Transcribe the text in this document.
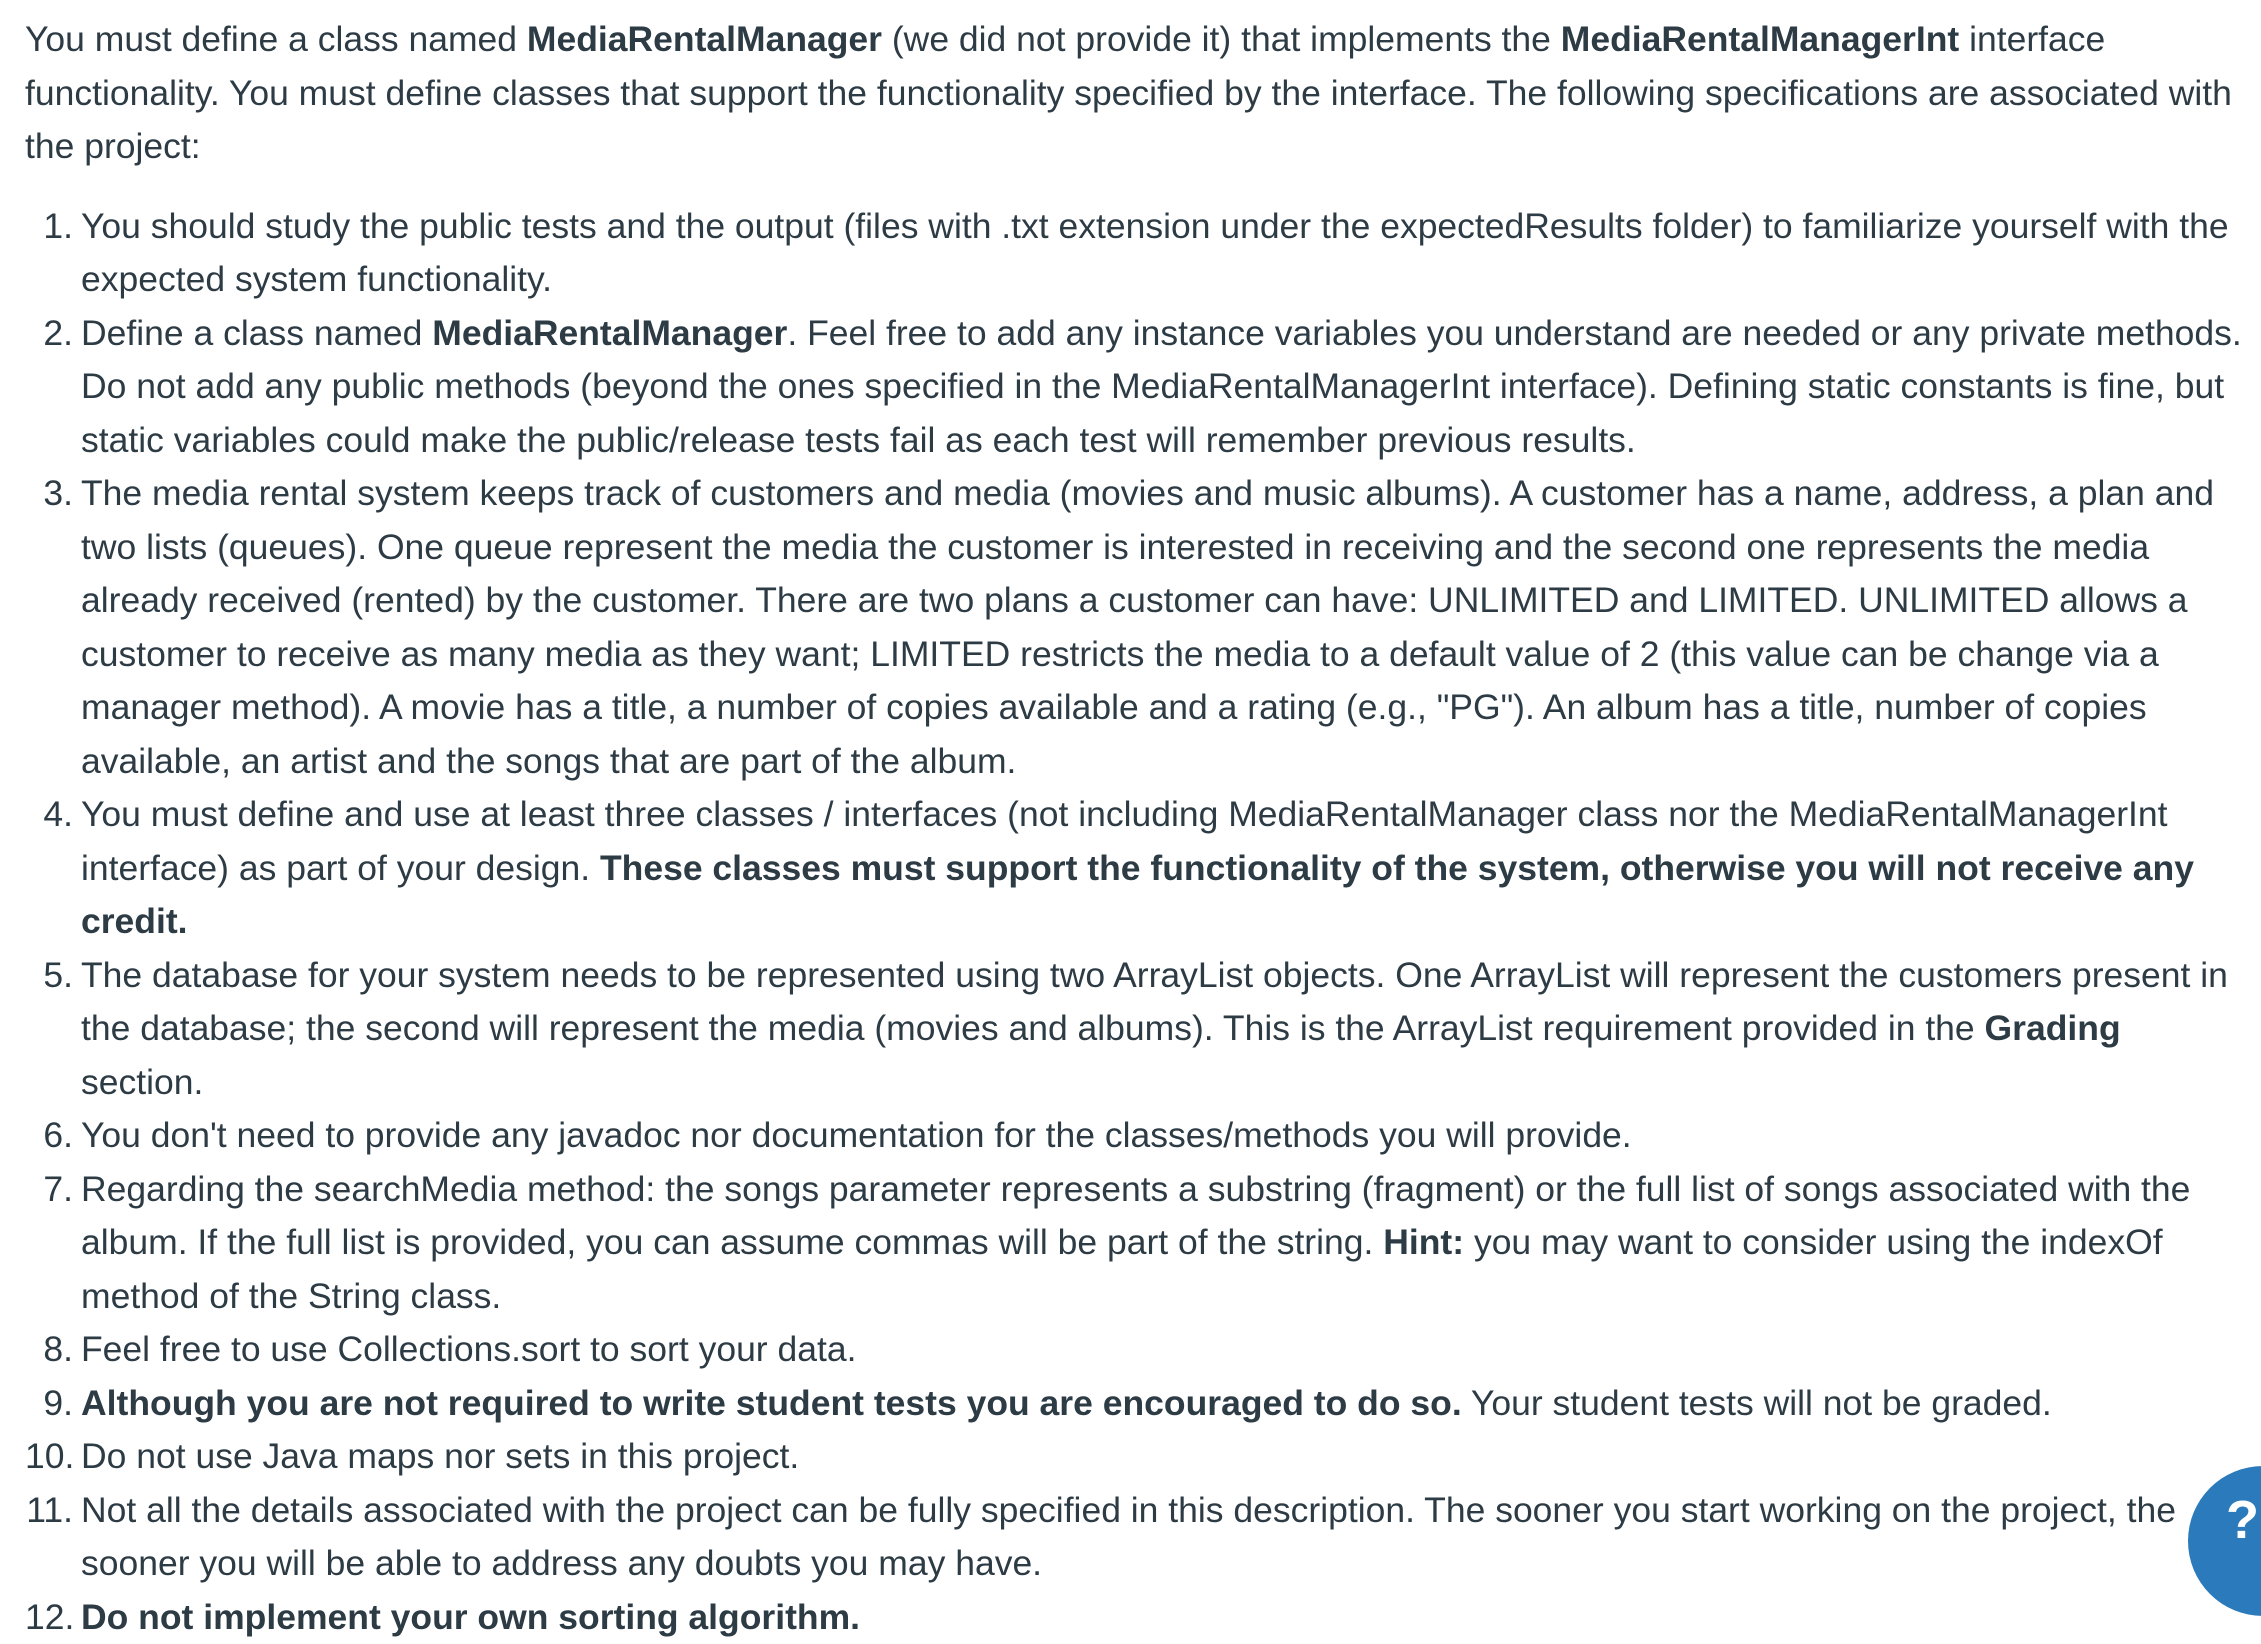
You must define a class named MediaRentalManager (we did not provide it) that implements the MediaRentalManagerInt interface functionality. You must define classes that support the functionality specified by the interface. The following specifications are associated with the project:

1. You should study the public tests and the output (files with .txt extension under the expectedResults folder) to familiarize yourself with the expected system functionality.
2. Define a class named MediaRentalManager. Feel free to add any instance variables you understand are needed or any private methods. Do not add any public methods (beyond the ones specified in the MediaRentalManagerInt interface). Defining static constants is fine, but static variables could make the public/release tests fail as each test will remember previous results.
3. The media rental system keeps track of customers and media (movies and music albums). A customer has a name, address, a plan and two lists (queues). One queue represent the media the customer is interested in receiving and the second one represents the media already received (rented) by the customer. There are two plans a customer can have: UNLIMITED and LIMITED. UNLIMITED allows a customer to receive as many media as they want; LIMITED restricts the media to a default value of 2 (this value can be change via a manager method). A movie has a title, a number of copies available and a rating (e.g., "PG"). An album has a title, number of copies available, an artist and the songs that are part of the album.
4. You must define and use at least three classes / interfaces (not including MediaRentalManager class nor the MediaRentalManagerInt interface) as part of your design. These classes must support the functionality of the system, otherwise you will not receive any credit.
5. The database for your system needs to be represented using two ArrayList objects. One ArrayList will represent the customers present in the database; the second will represent the media (movies and albums). This is the ArrayList requirement provided in the Grading section.
6. You don't need to provide any javadoc nor documentation for the classes/methods you will provide.
7. Regarding the searchMedia method: the songs parameter represents a substring (fragment) or the full list of songs associated with the album. If the full list is provided, you can assume commas will be part of the string. Hint: you may want to consider using the indexOf method of the String class.
8. Feel free to use Collections.sort to sort your data.
9. Although you are not required to write student tests you are encouraged to do so. Your student tests will not be graded.
10. Do not use Java maps nor sets in this project.
11. Not all the details associated with the project can be fully specified in this description. The sooner you start working on the project, the sooner you will be able to address any doubts you may have.
12. Do not implement your own sorting algorithm.
?
